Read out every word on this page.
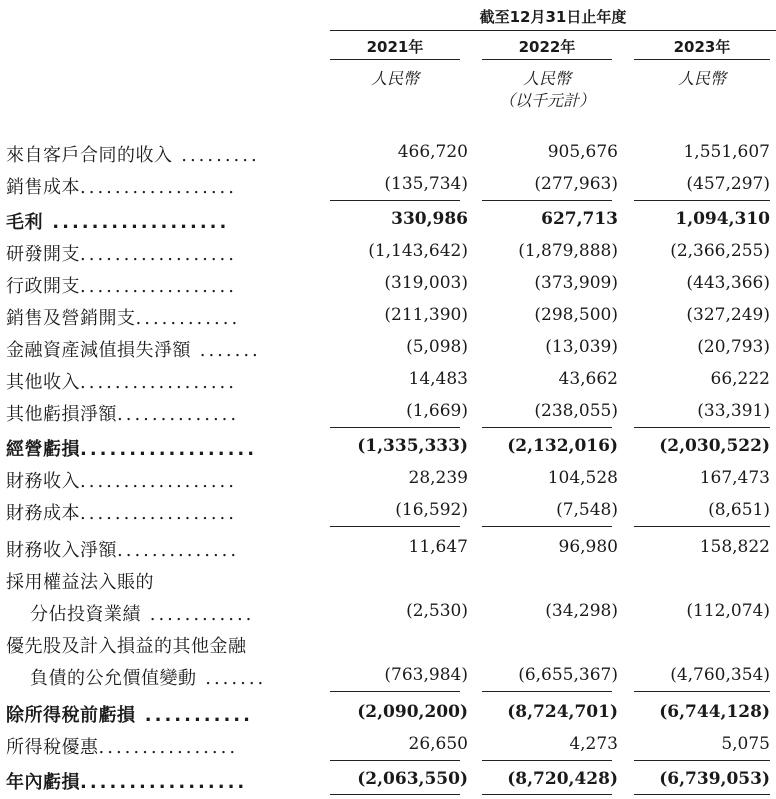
截至12月31日止年度
2021年	2022年	2023年
人民幣	人民幣	人民幣
（以千元計）
來自客戶合同的收入 .........	466,720	905,676	1,551,607
銷售成本..................	(135,734)	(277,963)	(457,297)
毛利 ..................	330,986	627,713	1,094,310
研發開支..................	(1,143,642)	(1,879,888)	(2,366,255)
行政開支..................	(319,003)	(373,909)	(443,366)
銷售及營銷開支............	(211,390)	(298,500)	(327,249)
金融資產減值損失淨額 .......	(5,098)	(13,039)	(20,793)
其他收入..................	14,483	43,662	66,222
其他虧損淨額..............	(1,669)	(238,055)	(33,391)
經營虧損..................	(1,335,333) (2,132,016) (2,030,522)
財務收入..................	28,239	104,528	167,473
財務成本..................	(16,592)	(7,548)	(8,651)
財務收入淨額..............	11,647	96,980	158,822
採用權益法入賬的
分佔投資業績 ............	(2,530)	(34,298)	(112,074)
優先股及計入損益的其他金融
負債的公允價值變動 .......	(763,984)	(6,655,367)	(4,760,354)
除所得稅前虧損 ...........	(2,090,200) (8,724,701) (6,744,128)
所得稅優惠................	26,650	4,273	5,075
年內虧損.................	(2,063,550) (8,720,428) (6,739,053)
